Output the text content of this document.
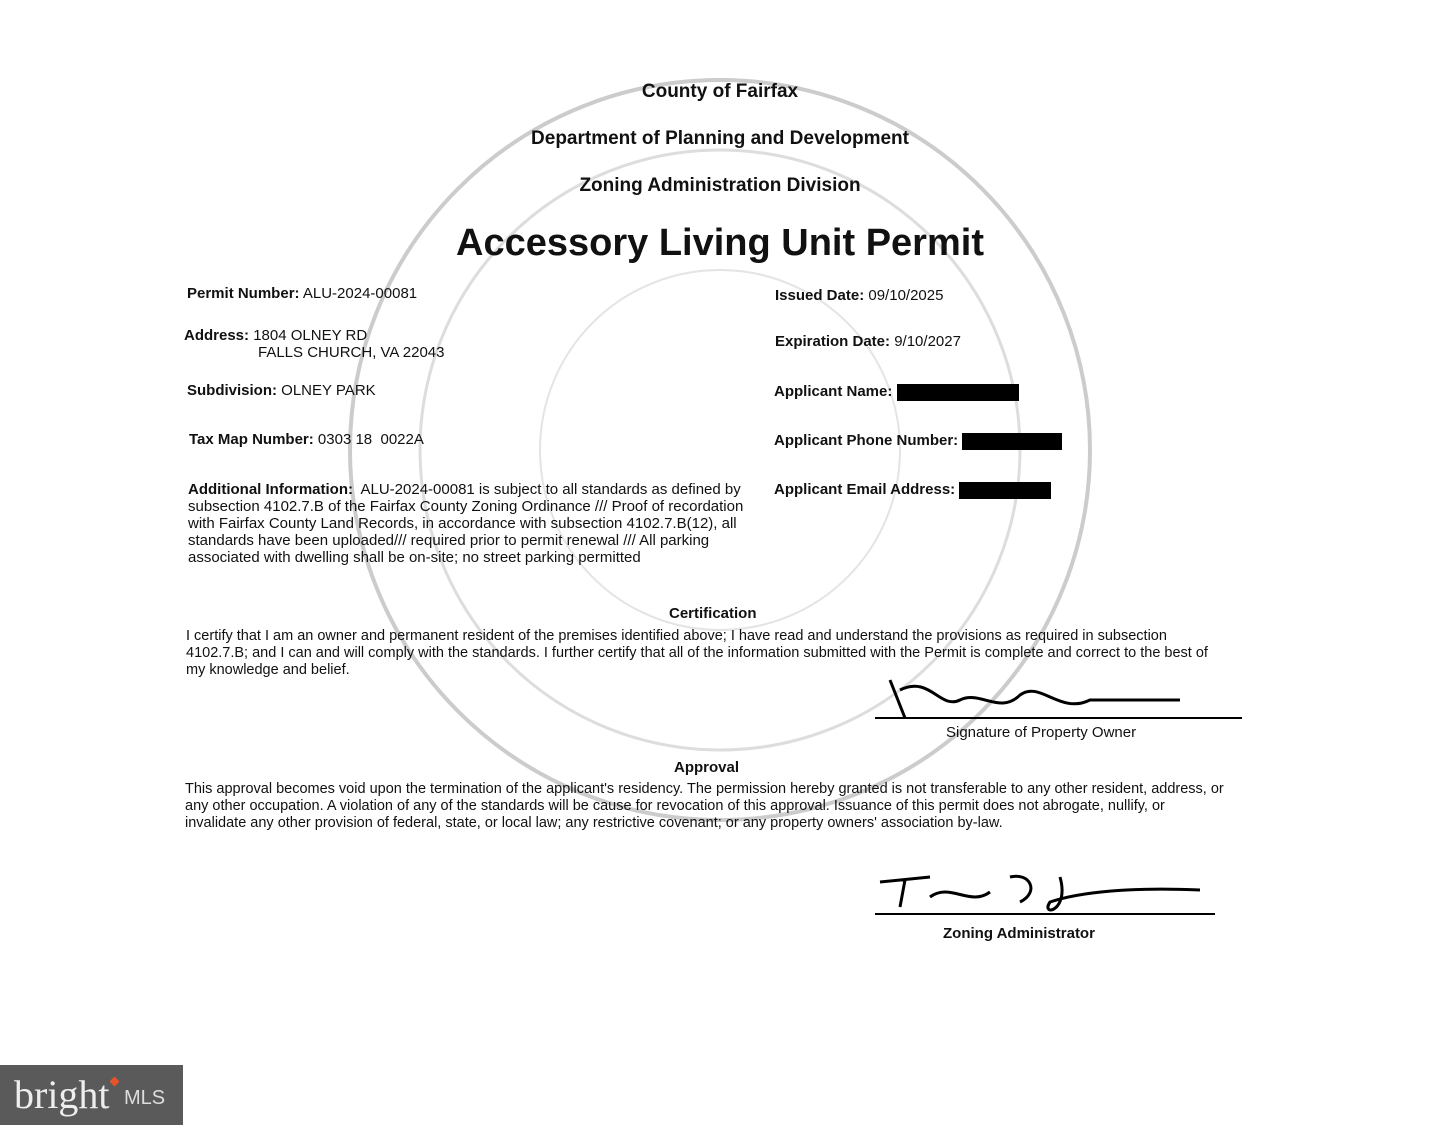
County of Fairfax
Department of Planning and Development
Zoning Administration Division
Accessory Living Unit Permit
Permit Number: ALU-2024-00081
Address: 1804 OLNEY RD
FALLS CHURCH, VA 22043
Subdivision: OLNEY PARK
Tax Map Number: 0303 18  0022A
Issued Date: 09/10/2025
Expiration Date: 9/10/2027
Applicant Name:
Applicant Phone Number:
Applicant Email Address:
Additional Information: ALU-2024-00081 is subject to all standards as defined by subsection 4102.7.B of the Fairfax County Zoning Ordinance /// Proof of recordation with Fairfax County Land Records, in accordance with subsection 4102.7.B(12), all standards have been uploaded/// required prior to permit renewal /// All parking associated with dwelling shall be on-site; no street parking permitted
Certification
I certify that I am an owner and permanent resident of the premises identified above; I have read and understand the provisions as required in subsection 4102.7.B; and I can and will comply with the standards. I further certify that all of the information submitted with the Permit is complete and correct to the best of my knowledge and belief.
Signature of Property Owner
Approval
This approval becomes void upon the termination of the applicant's residency. The permission hereby granted is not transferable to any other resident, address, or any other occupation. A violation of any of the standards will be cause for revocation of this approval. Issuance of this permit does not abrogate, nullify, or invalidate any other provision of federal, state, or local law; any restrictive covenant; or any property owners' association by-law.
Zoning Administrator
bright MLS
